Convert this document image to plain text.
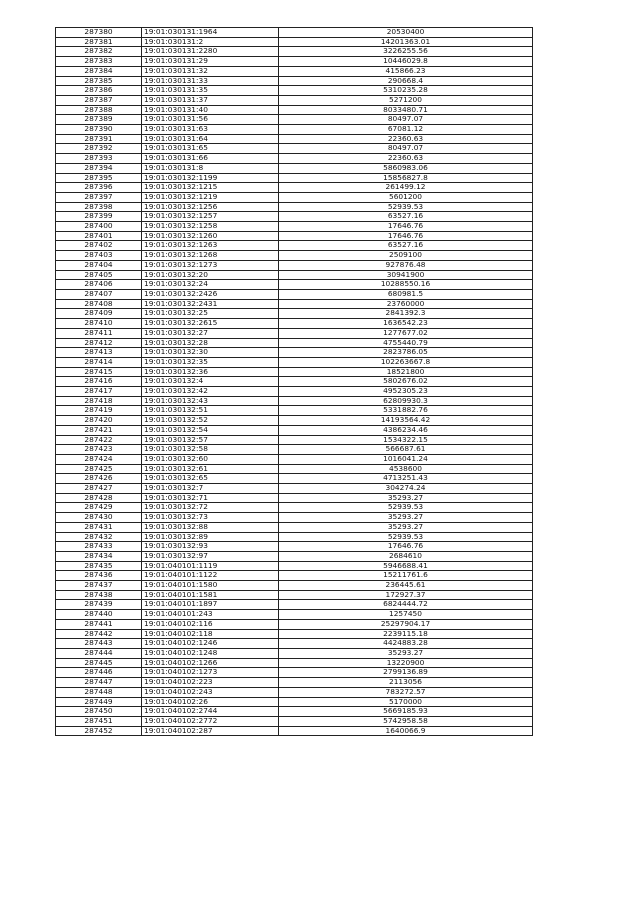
287380	19:01:030131:1964	20530400
287381	19:01:030131:2	14201363.01
287382	19:01:030131:2280	3226255.56
287383	19:01:030131:29	10446029.8
287384	19:01:030131:32	415866.23
287385	19:01:030131:33	290668.4
287386	19:01:030131:35	5310235.28
287387	19:01:030131:37	5271200
287388	19:01:030131:40	8033480.71
287389	19:01:030131:56	80497.07
287390	19:01:030131:63	67081.12
287391	19:01:030131:64	22360.63
287392	19:01:030131:65	80497.07
287393	19:01:030131:66	22360.63
287394	19:01:030131:8	5860983.06
287395	19:01:030132:1199	15856827.8
287396	19:01:030132:1215	261499.12
287397	19:01:030132:1219	5601200
287398	19:01:030132:1256	52939.53
287399	19:01:030132:1257	63527.16
287400	19:01:030132:1258	17646.76
287401	19:01:030132:1260	17646.76
287402	19:01:030132:1263	63527.16
287403	19:01:030132:1268	2509100
287404	19:01:030132:1273	927876.48
287405	19:01:030132:20	30941900
287406	19:01:030132:24	10288550.16
287407	19:01:030132:2426	680981.5
287408	19:01:030132:2431	23760000
287409	19:01:030132:25	2841392.3
287410	19:01:030132:2615	1636542.23
287411	19:01:030132:27	1277677.02
287412	19:01:030132:28	4755440.79
287413	19:01:030132:30	2823786.05
287414	19:01:030132:35	102263667.8
287415	19:01:030132:36	18521800
287416	19:01:030132:4	5802676.02
287417	19:01:030132:42	4952305.23
287418	19:01:030132:43	62809930.3
287419	19:01:030132:51	5331882.76
287420	19:01:030132:52	14193564.42
287421	19:01:030132:54	4386234.46
287422	19:01:030132:57	1534322.15
287423	19:01:030132:58	566687.61
287424	19:01:030132:60	1016041.24
287425	19:01:030132:61	4538600
287426	19:01:030132:65	4713251.43
287427	19:01:030132:7	304274.24
287428	19:01:030132:71	35293.27
287429	19:01:030132:72	52939.53
287430	19:01:030132:73	35293.27
287431	19:01:030132:88	35293.27
287432	19:01:030132:89	52939.53
287433	19:01:030132:93	17646.76
287434	19:01:030132:97	2684610
287435	19:01:040101:1119	5946688.41
287436	19:01:040101:1122	15211761.6
287437	19:01:040101:1580	236445.61
287438	19:01:040101:1581	172927.37
287439	19:01:040101:1897	6824444.72
287440	19:01:040101:243	1257450
287441	19:01:040102:116	25297904.17
287442	19:01:040102:118	2239115.18
287443	19:01:040102:1246	4424883.28
287444	19:01:040102:1248	35293.27
287445	19:01:040102:1266	13220900
287446	19:01:040102:1273	2799136.89
287447	19:01:040102:223	2113056
287448	19:01:040102:243	783272.57
287449	19:01:040102:26	5170000
287450	19:01:040102:2744	5669185.93
287451	19:01:040102:2772	5742958.58
287452	19:01:040102:287	1640066.9
